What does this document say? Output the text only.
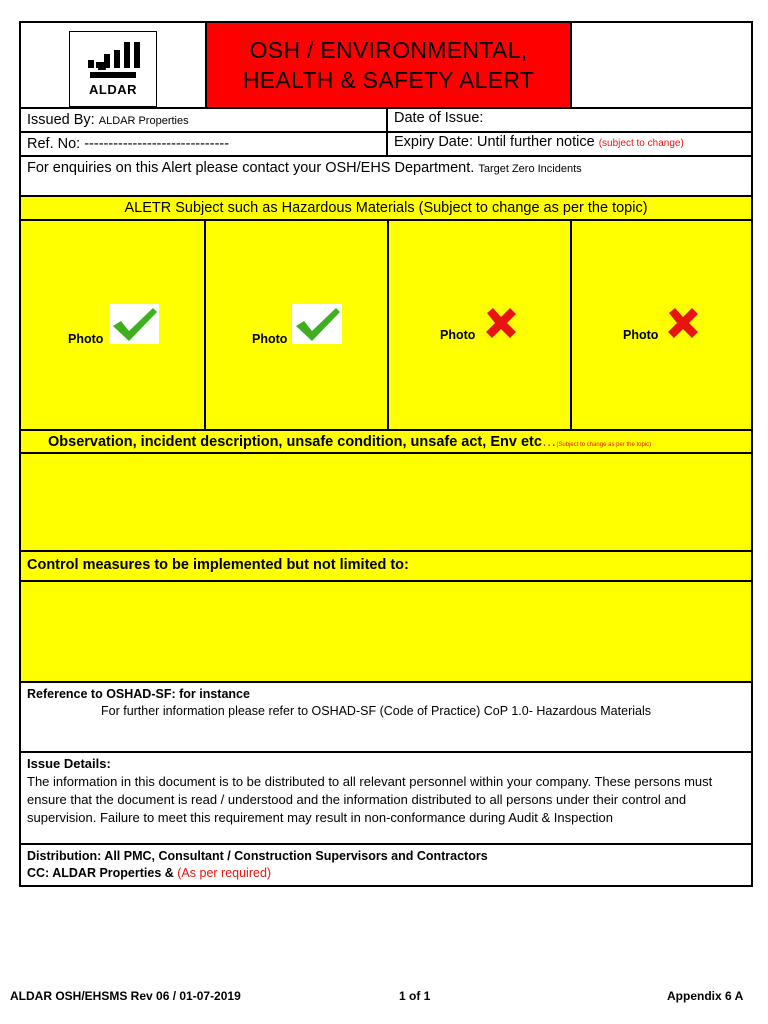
ALDAR
OSH / ENVIRONMENTAL,
HEALTH & SAFETY ALERT
Issued By: ALDAR Properties	Date of Issue:
Ref. No: ------------------------------	Expiry Date: Until further notice (subject to change)
For enquiries on this Alert please contact your OSH/EHS Department. Target Zero Incidents
ALETR Subject such as Hazardous Materials (Subject to change as per the topic)
Photo	Photo	Photo	Photo
Observation, incident description, unsafe condition, unsafe act, Env etc…(Subject to change as per the topic)
Control measures to be implemented but not limited to:
Reference to OSHAD-SF: for instance
For further information please refer to OSHAD-SF (Code of Practice) CoP 1.0- Hazardous Materials
Issue Details:
The information in this document is to be distributed to all relevant personnel within your company. These persons must ensure that the document is read / understood and the information distributed to all persons under their control and supervision. Failure to meet this requirement may result in non-conformance during Audit & Inspection
Distribution: All PMC, Consultant / Construction Supervisors and Contractors
CC: ALDAR Properties & (As per required)
ALDAR OSH/EHSMS Rev 06 / 01-07-2019	1 of 1	Appendix 6 A
